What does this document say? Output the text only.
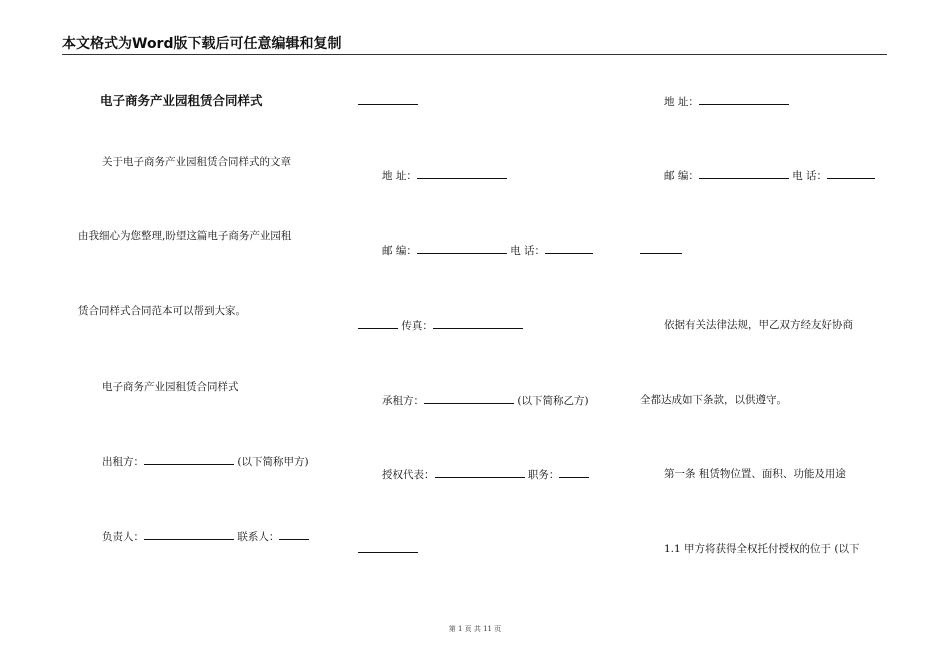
本文格式为Word版下载后可任意编辑和复制
电子商务产业园租赁合同样式
关于电子商务产业园租赁合同样式的文章
由我细心为您整理,盼望这篇电子商务产业园租
赁合同样式合同范本可以帮到大家。
电子商务产业园租赁合同样式
出租方：	(以下简称甲方)
负责人：	联系人：
地 址：
邮 编：	电 话：
传真：
承租方：	(以下简称乙方)
授权代表：	职务：
地 址：
邮 编：	电 话：
依据有关法律法规，甲乙双方经友好协商
全都达成如下条款，以供遵守。
第一条 租赁物位置、面积、功能及用途
1.1 甲方将获得全权托付授权的位于 (以下
第 1 页 共 11 页
